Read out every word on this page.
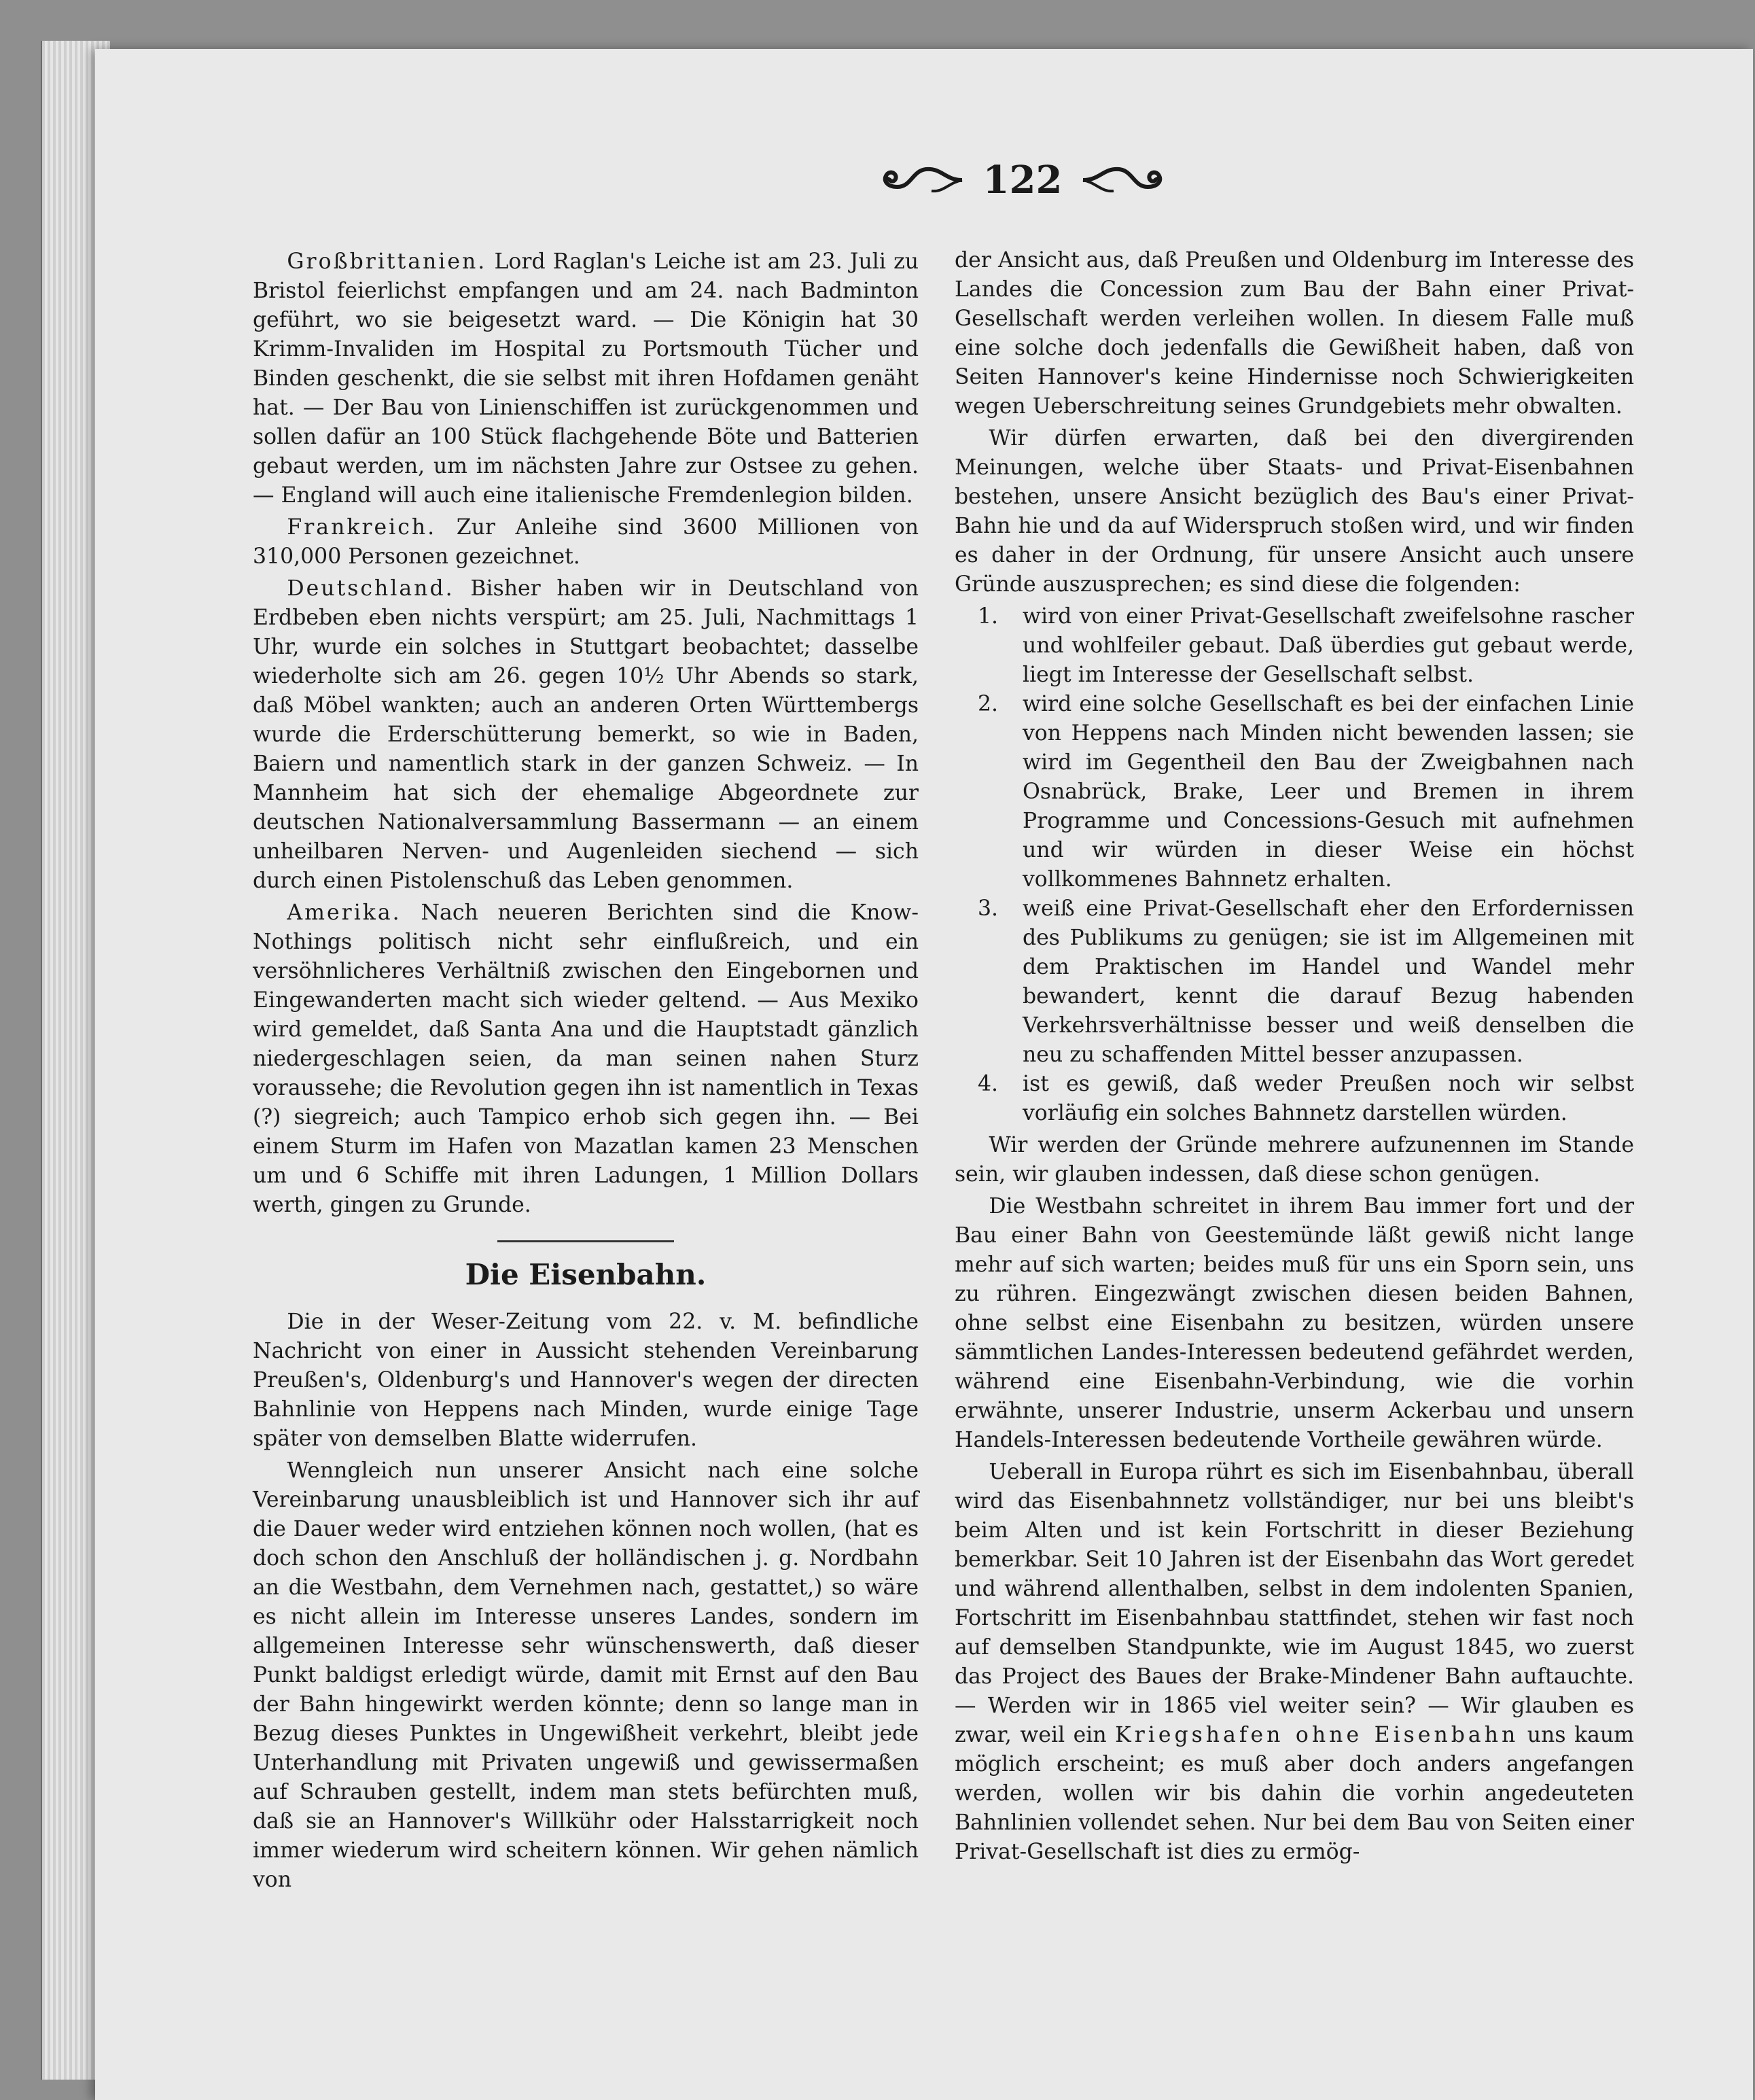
122

Großbrittanien. Lord Raglan's Leiche ist am 23. Juli zu Bristol feierlichst empfangen und am 24. nach Badminton geführt, wo sie beigesetzt ward. — Die Königin hat 30 Krimm-Invaliden im Hospital zu Portsmouth Tücher und Binden geschenkt, die sie selbst mit ihren Hofdamen genäht hat. — Der Bau von Linienschiffen ist zurückgenommen und sollen dafür an 100 Stück flachgehende Böte und Batterien gebaut werden, um im nächsten Jahre zur Ostsee zu gehen. — England will auch eine italienische Fremdenlegion bilden.

Frankreich. Zur Anleihe sind 3600 Millionen von 310,000 Personen gezeichnet.

Deutschland. Bisher haben wir in Deutschland von Erdbeben eben nichts verspürt; am 25. Juli, Nachmittags 1 Uhr, wurde ein solches in Stuttgart beobachtet; dasselbe wiederholte sich am 26. gegen 10½ Uhr Abends so stark, daß Möbel wankten; auch an anderen Orten Württembergs wurde die Erderschütterung bemerkt, so wie in Baden, Baiern und namentlich stark in der ganzen Schweiz. — In Mannheim hat sich der ehemalige Abgeordnete zur deutschen Nationalversammlung Bassermann — an einem unheilbaren Nerven- und Augenleiden siechend — sich durch einen Pistolenschuß das Leben genommen.

Amerika. Nach neueren Berichten sind die Know-Nothings politisch nicht sehr einflußreich, und ein versöhnlicheres Verhältniß zwischen den Eingebornen und Eingewanderten macht sich wieder geltend. — Aus Mexiko wird gemeldet, daß Santa Ana und die Hauptstadt gänzlich niedergeschlagen seien, da man seinen nahen Sturz voraussehe; die Revolution gegen ihn ist namentlich in Texas (?) siegreich; auch Tampico erhob sich gegen ihn. — Bei einem Sturm im Hafen von Mazatlan kamen 23 Menschen um und 6 Schiffe mit ihren Ladungen, 1 Million Dollars werth, gingen zu Grunde.

Die Eisenbahn.

Die in der Weser-Zeitung vom 22. v. M. befindliche Nachricht von einer in Aussicht stehenden Vereinbarung Preußen's, Oldenburg's und Hannover's wegen der directen Bahnlinie von Heppens nach Minden, wurde einige Tage später von demselben Blatte widerrufen.

Wenngleich nun unserer Ansicht nach eine solche Vereinbarung unausbleiblich ist und Hannover sich ihr auf die Dauer weder wird entziehen können noch wollen, (hat es doch schon den Anschluß der holländischen j. g. Nordbahn an die Westbahn, dem Vernehmen nach, gestattet,) so wäre es nicht allein im Interesse unseres Landes, sondern im allgemeinen Interesse sehr wünschenswerth, daß dieser Punkt baldigst erledigt würde, damit mit Ernst auf den Bau der Bahn hingewirkt werden könnte; denn so lange man in Bezug dieses Punktes in Ungewißheit verkehrt, bleibt jede Unterhandlung mit Privaten ungewiß und gewissermaßen auf Schrauben gestellt, indem man stets befürchten muß, daß sie an Hannover's Willkühr oder Halsstarrigkeit noch immer wiederum wird scheitern können. Wir gehen nämlich von

der Ansicht aus, daß Preußen und Oldenburg im Interesse des Landes die Concession zum Bau der Bahn einer Privat-Gesellschaft werden verleihen wollen. In diesem Falle muß eine solche doch jedenfalls die Gewißheit haben, daß von Seiten Hannover's keine Hindernisse noch Schwierigkeiten wegen Ueberschreitung seines Grundgebiets mehr obwalten.

Wir dürfen erwarten, daß bei den divergirenden Meinungen, welche über Staats- und Privat-Eisenbahnen bestehen, unsere Ansicht bezüglich des Bau's einer Privat-Bahn hie und da auf Widerspruch stoßen wird, und wir finden es daher in der Ordnung, für unsere Ansicht auch unsere Gründe auszusprechen; es sind diese die folgenden:

1. wird von einer Privat-Gesellschaft zweifelsohne rascher und wohlfeiler gebaut. Daß überdies gut gebaut werde, liegt im Interesse der Gesellschaft selbst.
2. wird eine solche Gesellschaft es bei der einfachen Linie von Heppens nach Minden nicht bewenden lassen; sie wird im Gegentheil den Bau der Zweigbahnen nach Osnabrück, Brake, Leer und Bremen in ihrem Programme und Concessions-Gesuch mit aufnehmen und wir würden in dieser Weise ein höchst vollkommenes Bahnnetz erhalten.
3. weiß eine Privat-Gesellschaft eher den Erfordernissen des Publikums zu genügen; sie ist im Allgemeinen mit dem Praktischen im Handel und Wandel mehr bewandert, kennt die darauf Bezug habenden Verkehrsverhältnisse besser und weiß denselben die neu zu schaffenden Mittel besser anzupassen.
4. ist es gewiß, daß weder Preußen noch wir selbst vorläufig ein solches Bahnnetz darstellen würden.

Wir werden der Gründe mehrere aufzunennen im Stande sein, wir glauben indessen, daß diese schon genügen.

Die Westbahn schreitet in ihrem Bau immer fort und der Bau einer Bahn von Geestemünde läßt gewiß nicht lange mehr auf sich warten; beides muß für uns ein Sporn sein, uns zu rühren. Eingezwängt zwischen diesen beiden Bahnen, ohne selbst eine Eisenbahn zu besitzen, würden unsere sämmtlichen Landes-Interessen bedeutend gefährdet werden, während eine Eisenbahn-Verbindung, wie die vorhin erwähnte, unserer Industrie, unserm Ackerbau und unsern Handels-Interessen bedeutende Vortheile gewähren würde.

Ueberall in Europa rührt es sich im Eisenbahnbau, überall wird das Eisenbahnnetz vollständiger, nur bei uns bleibt's beim Alten und ist kein Fortschritt in dieser Beziehung bemerkbar. Seit 10 Jahren ist der Eisenbahn das Wort geredet und während allenthalben, selbst in dem indolenten Spanien, Fortschritt im Eisenbahnbau stattfindet, stehen wir fast noch auf demselben Standpunkte, wie im August 1845, wo zuerst das Project des Baues der Brake-Mindener Bahn auftauchte. — Werden wir in 1865 viel weiter sein? — Wir glauben es zwar, weil ein Kriegshafen ohne Eisenbahn uns kaum möglich erscheint; es muß aber doch anders angefangen werden, wollen wir bis dahin die vorhin angedeuteten Bahnlinien vollendet sehen. Nur bei dem Bau von Seiten einer Privat-Gesellschaft ist dies zu ermög-
